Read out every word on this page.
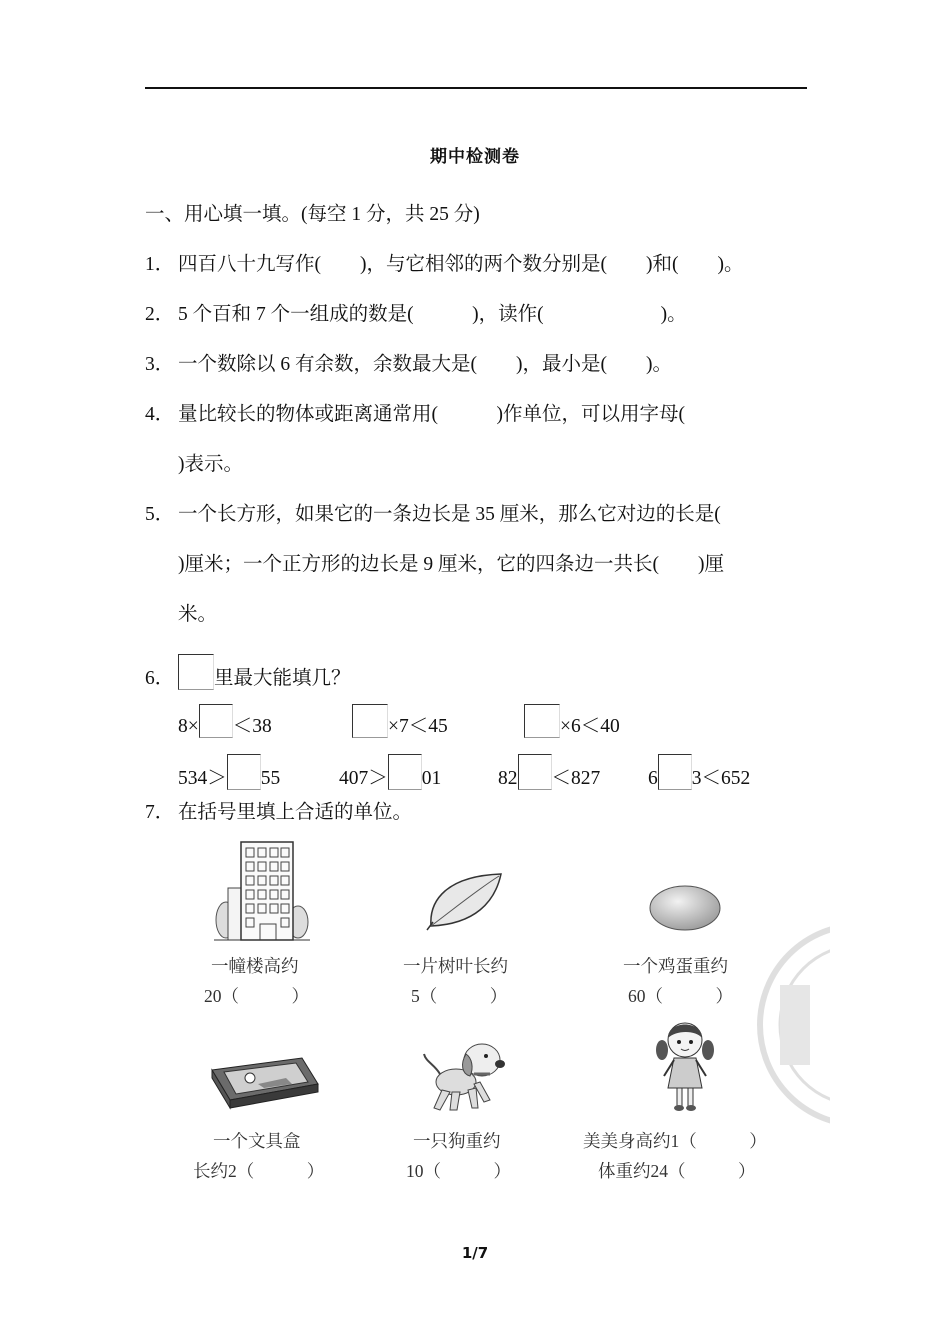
期中检测卷
一、用心填一填。(每空 1 分，共 25 分)
1． 四百八十九写作(　　)，与它相邻的两个数分别是(　　)和(　　)。
2． 5 个百和 7 个一组成的数是(　　　)，读作(　　　　　　)。
3． 一个数除以 6 有余数，余数最大是(　　)，最小是(　　)。
4． 量比较长的物体或距离通常用(　　　)作单位，可以用字母(
)表示。
5． 一个长方形，如果它的一条边长是 35 厘米，那么它对边的长是(
)厘米；一个正方形的边长是 9 厘米，它的四条边一共长(　　)厘
米。
6． 里最大能填几？
8× ＜38	×7＜45	×6＜40
534＞ 55	407＞ 01	82 ＜827 6 3＜652
7． 在括号里填上合适的单位。
一幢楼高约
20（　　　）
一片树叶长约
5（　　　）
一个鸡蛋重约
60（　　　）
一个文具盒
长约2（　　　）
一只狗重约
10（　　　）
美美身高约1（　　　）
体重约24（　　　）
1/7
